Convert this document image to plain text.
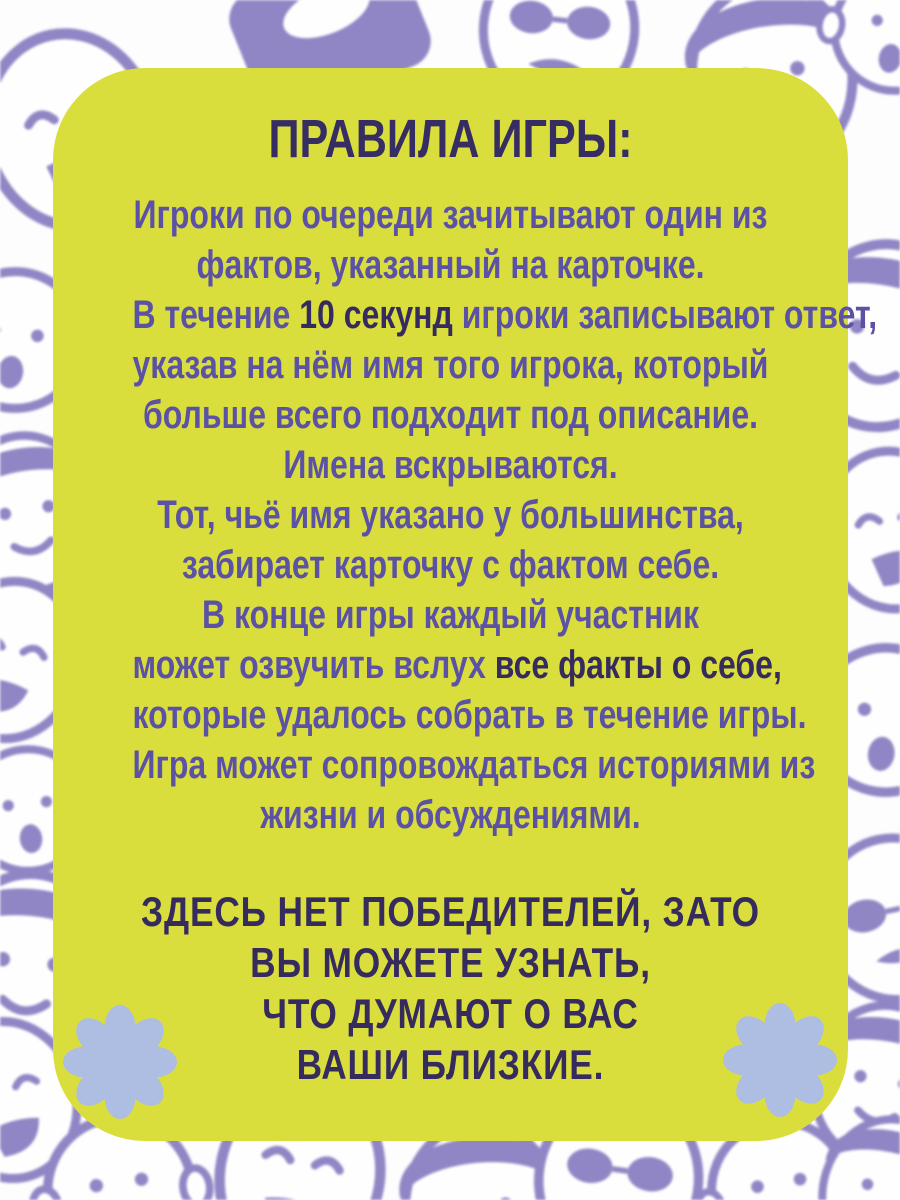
ПРАВИЛА ИГРЫ:
Игроки по очереди зачитывают один из
фактов, указанный на карточке.
В течение 10 секунд игроки записывают ответ,
указав на нём имя того игрока, который
больше всего подходит под описание.
Имена вскрываются.
Тот, чьё имя указано у большинства,
забирает карточку с фактом себе.
В конце игры каждый участник
может озвучить вслух все факты о себе,
которые удалось собрать в течение игры.
Игра может сопровождаться историями из
жизни и обсуждениями.
ЗДЕСЬ НЕТ ПОБЕДИТЕЛЕЙ, ЗАТО
ВЫ МОЖЕТЕ УЗНАТЬ,
ЧТО ДУМАЮТ О ВАС
ВАШИ БЛИЗКИЕ.
